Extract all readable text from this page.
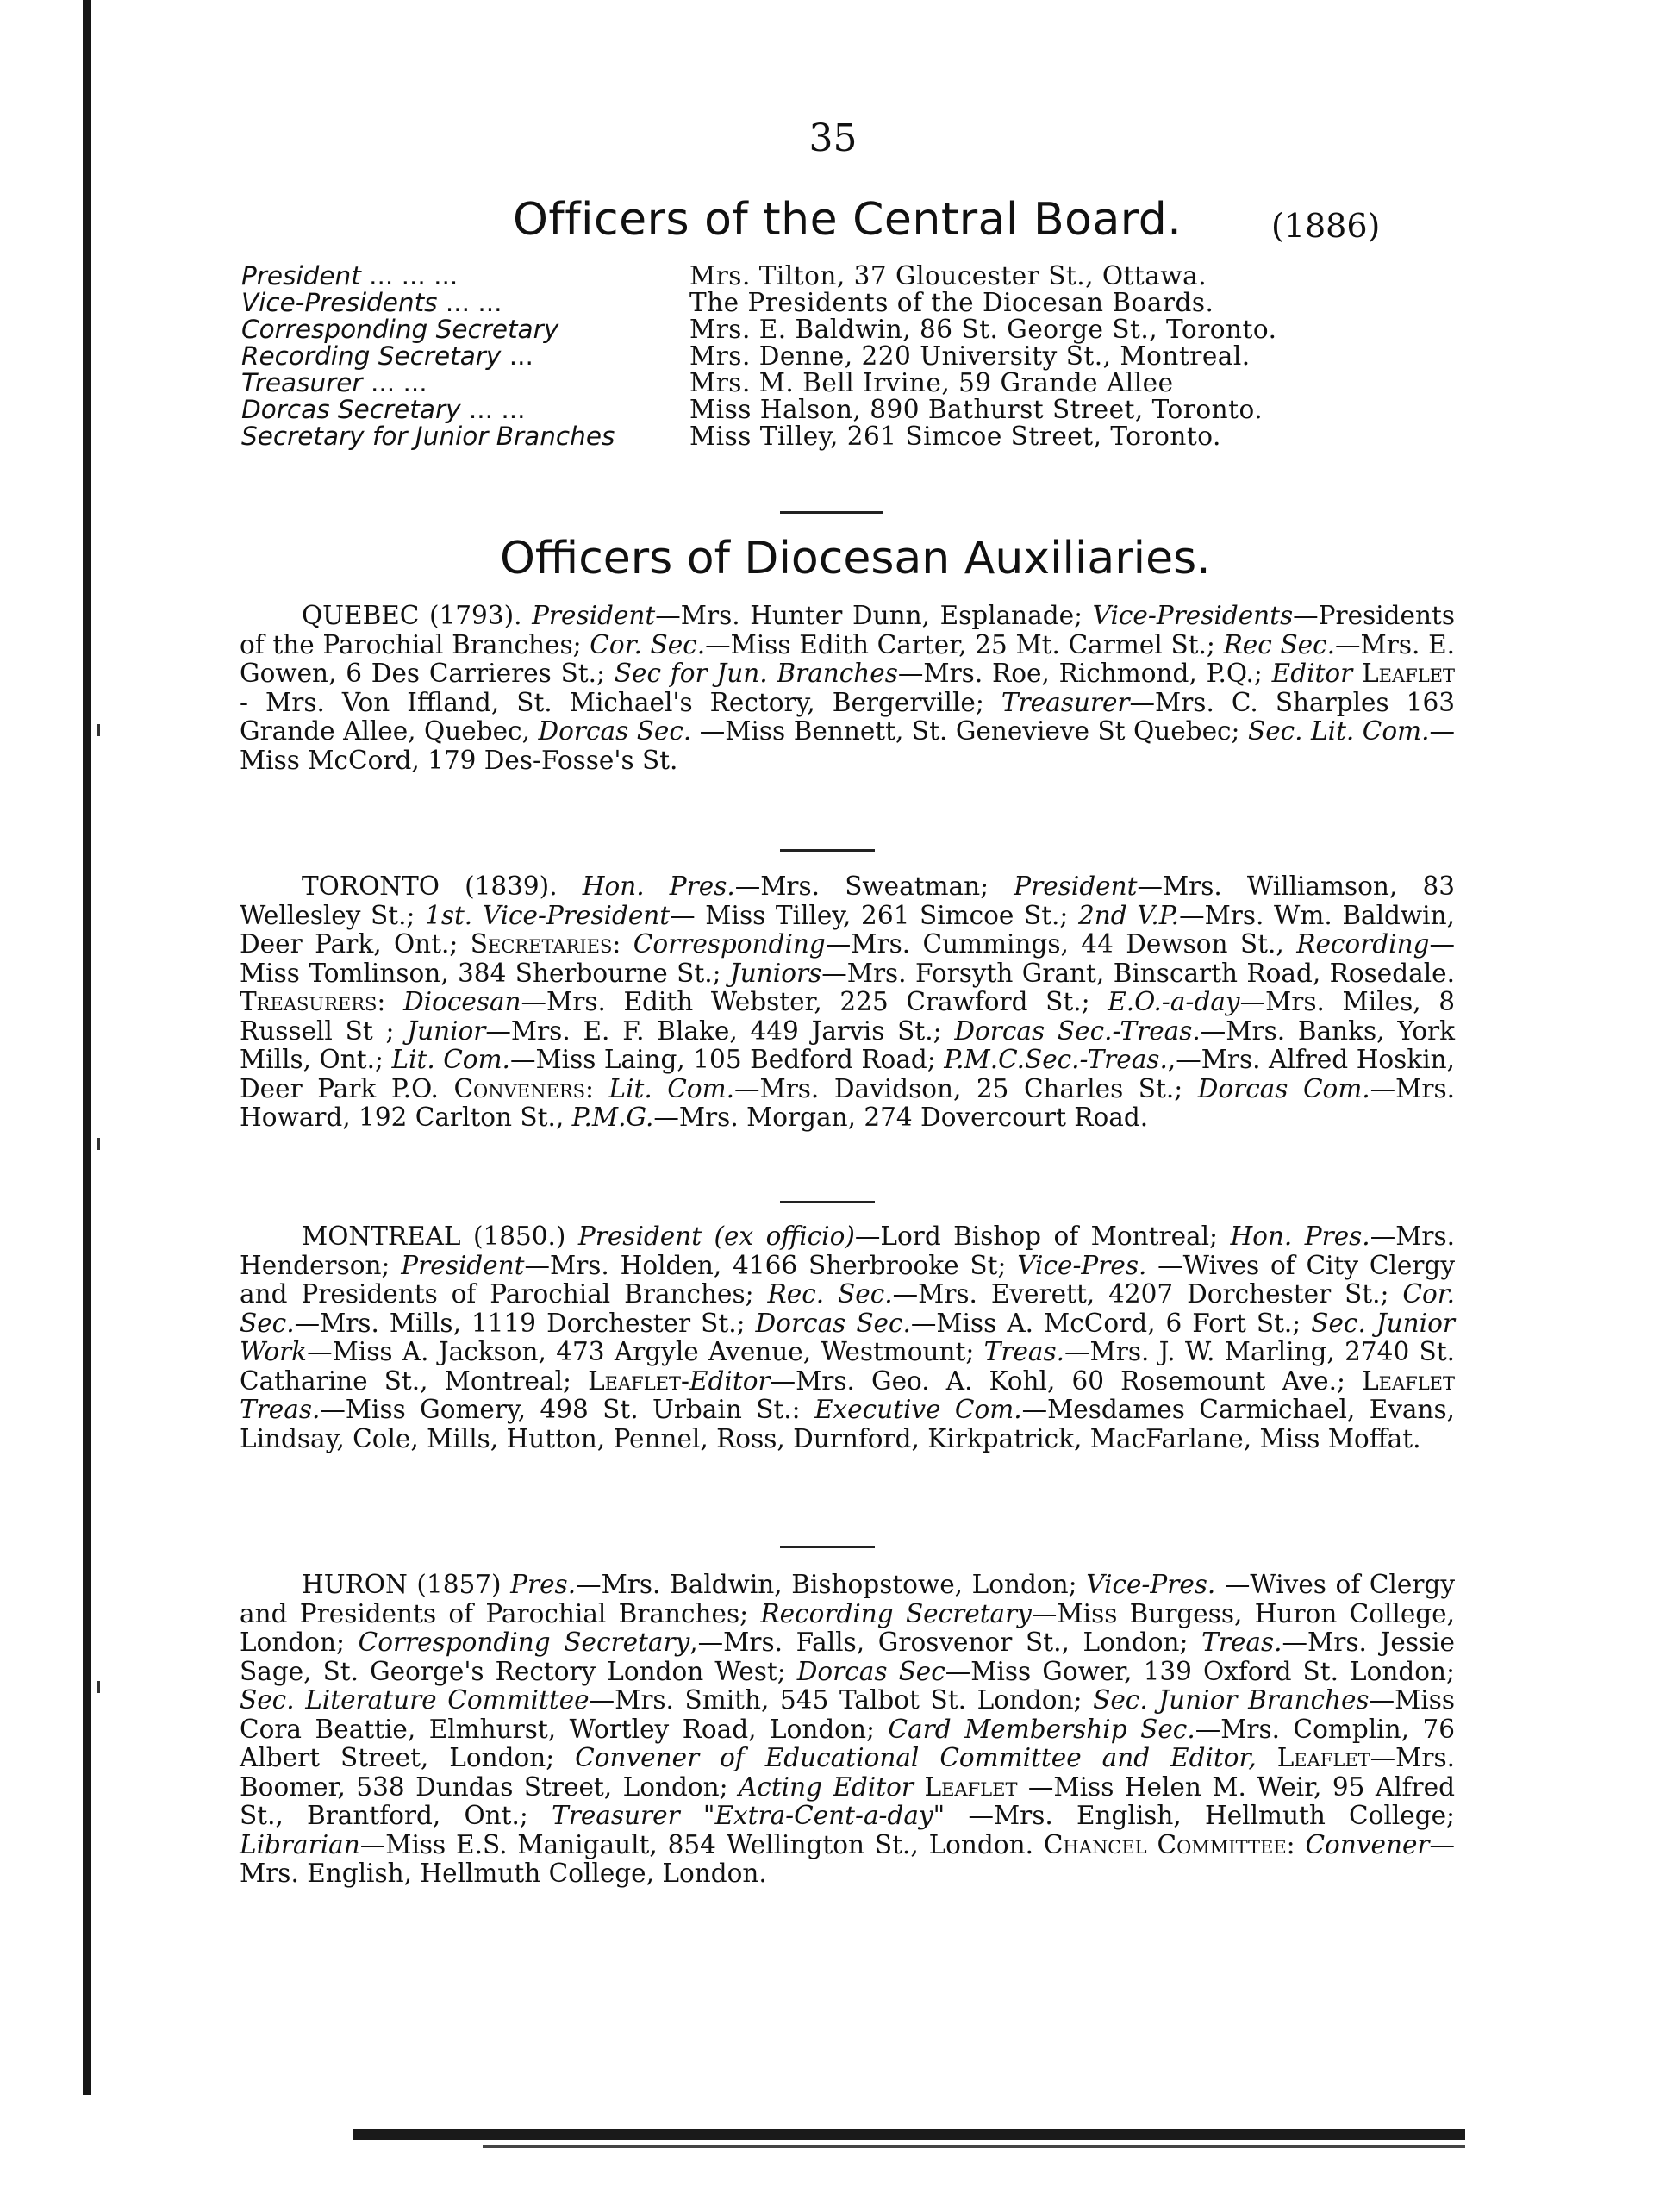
35
Officers of the Central Board.	(1886)
President ... ... ...	Mrs. Tilton, 37 Gloucester St., Ottawa.
Vice-Presidents ... ...	The Presidents of the Diocesan Boards.
Corresponding Secretary	Mrs. E. Baldwin, 86 St. George St., Toronto.
Recording Secretary ...	Mrs. Denne, 220 University St., Montreal.
Treasurer ... ...	Mrs. M. Bell Irvine, 59 Grande Allee
Dorcas Secretary ... ...	Miss Halson, 890 Bathurst Street, Toronto.
Secretary for Junior Branches	Miss Tilley, 261 Simcoe Street, Toronto.
Officers of Diocesan Auxiliaries.

QUEBEC (1793). President—Mrs. Hunter Dunn, Esplanade; Vice-Presidents—Presidents of the Parochial Branches; Cor. Sec.—Miss Edith Carter, 25 Mt. Carmel St.; Rec Sec.—Mrs. E. Gowen, 6 Des Carrieres St.; Sec for Jun. Branches—Mrs. Roe, Richmond, P.Q.; Editor Leaflet - Mrs. Von Iffland, St. Michael's Rectory, Bergerville; Treasurer—Mrs. C. Sharples 163 Grande Allee, Quebec, Dorcas Sec. —Miss Bennett, St. Genevieve St Quebec; Sec. Lit. Com.—Miss McCord, 179 Des-Fosse's St.

TORONTO (1839). Hon. Pres.—Mrs. Sweatman; President—Mrs. Williamson, 83 Wellesley St.; 1st. Vice-President— Miss Tilley, 261 Simcoe St.; 2nd V.P.—Mrs. Wm. Baldwin, Deer Park, Ont.; Secretaries: Corresponding—Mrs. Cummings, 44 Dewson St., Recording—Miss Tomlinson, 384 Sherbourne St.; Juniors—Mrs. Forsyth Grant, Binscarth Road, Rosedale. Treasurers: Diocesan—Mrs. Edith Webster, 225 Crawford St.; E.O.-a-day—Mrs. Miles, 8 Russell St ; Junior—Mrs. E. F. Blake, 449 Jarvis St.; Dorcas Sec.-Treas.—Mrs. Banks, York Mills, Ont.; Lit. Com.—Miss Laing, 105 Bedford Road; P.M.C.Sec.-Treas.,—Mrs. Alfred Hoskin, Deer Park P.O. Conveners: Lit. Com.—Mrs. Davidson, 25 Charles St.; Dorcas Com.—Mrs. Howard, 192 Carlton St., P.M.G.—Mrs. Morgan, 274 Dovercourt Road.

MONTREAL (1850.) President (ex officio)—Lord Bishop of Montreal; Hon. Pres.—Mrs. Henderson; President—Mrs. Holden, 4166 Sherbrooke St; Vice-Pres. —Wives of City Clergy and Presidents of Parochial Branches; Rec. Sec.—Mrs. Everett, 4207 Dorchester St.; Cor. Sec.—Mrs. Mills, 1119 Dorchester St.; Dorcas Sec.—Miss A. McCord, 6 Fort St.; Sec. Junior Work—Miss A. Jackson, 473 Argyle Avenue, Westmount; Treas.—Mrs. J. W. Marling, 2740 St. Catharine St., Montreal; Leaflet-Editor—Mrs. Geo. A. Kohl, 60 Rosemount Ave.; Leaflet Treas.—Miss Gomery, 498 St. Urbain St.: Executive Com.—Mesdames Carmichael, Evans, Lindsay, Cole, Mills, Hutton, Pennel, Ross, Durnford, Kirkpatrick, MacFarlane, Miss Moffat.

HURON (1857) Pres.—Mrs. Baldwin, Bishopstowe, London; Vice-Pres. —Wives of Clergy and Presidents of Parochial Branches; Recording Secretary—Miss Burgess, Huron College, London; Corresponding Secretary,—Mrs. Falls, Grosvenor St., London; Treas.—Mrs. Jessie Sage, St. George's Rectory London West; Dorcas Sec—Miss Gower, 139 Oxford St. London; Sec. Literature Committee—Mrs. Smith, 545 Talbot St. London; Sec. Junior Branches—Miss Cora Beattie, Elmhurst, Wortley Road, London; Card Membership Sec.—Mrs. Complin, 76 Albert Street, London; Convener of Educational Committee and Editor, Leaflet—Mrs. Boomer, 538 Dundas Street, London; Acting Editor Leaflet —Miss Helen M. Weir, 95 Alfred St., Brantford, Ont.; Treasurer "Extra-Cent-a-day" —Mrs. English, Hellmuth College; Librarian—Miss E.S. Manigault, 854 Wellington St., London. Chancel Committee: Convener—Mrs. English, Hellmuth College, London.
